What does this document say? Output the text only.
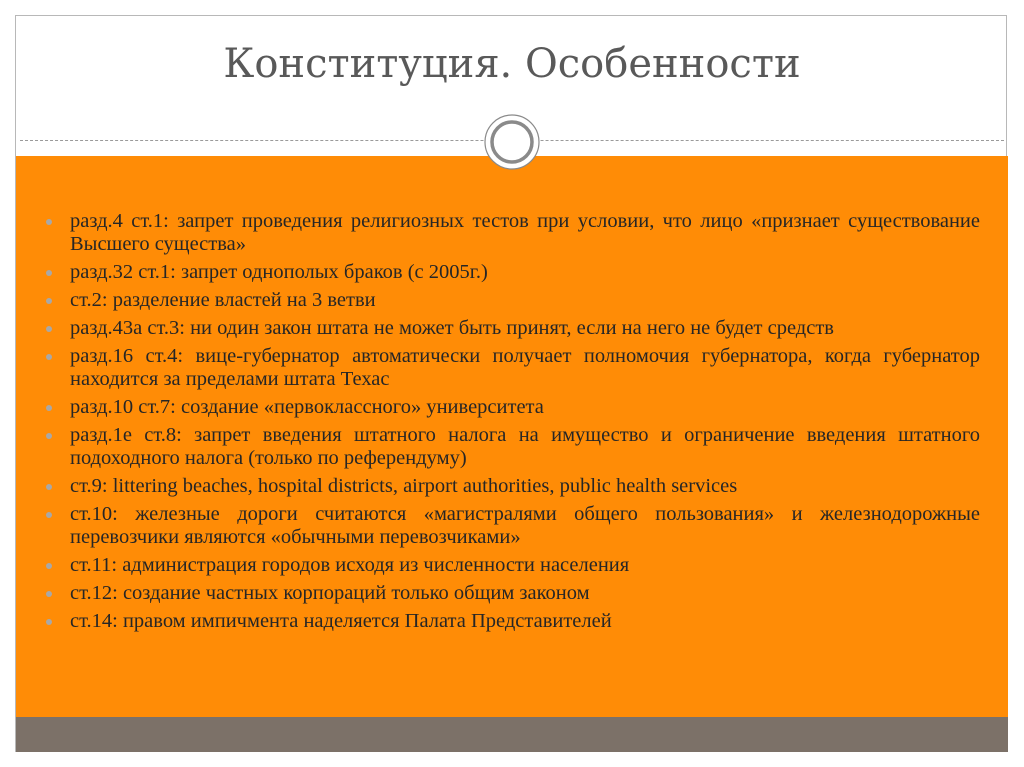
Конституция. Особенности
разд.4 ст.1: запрет проведения религиозных тестов при условии, что лицо «признает существование Высшего существа»
разд.32 ст.1: запрет однополых браков (с 2005г.)
ст.2: разделение властей на 3 ветви
разд.43а ст.3: ни один закон штата не может быть принят, если на него не будет средств
разд.16 ст.4: вице-губернатор автоматически получает полномочия губернатора, когда губернатор находится за пределами штата Техас
разд.10 ст.7: создание «первоклассного» университета
разд.1е ст.8: запрет введения штатного налога на имущество и ограничение введения штатного подоходного налога (только по референдуму)
ст.9: littering beaches, hospital districts, airport authorities, public health services
ст.10: железные дороги считаются «магистралями общего пользования» и железнодорожные перевозчики являются «обычными перевозчиками»
ст.11: администрация городов исходя из численности населения
ст.12: создание частных корпораций только общим законом
ст.14: правом импичмента наделяется Палата Представителей
